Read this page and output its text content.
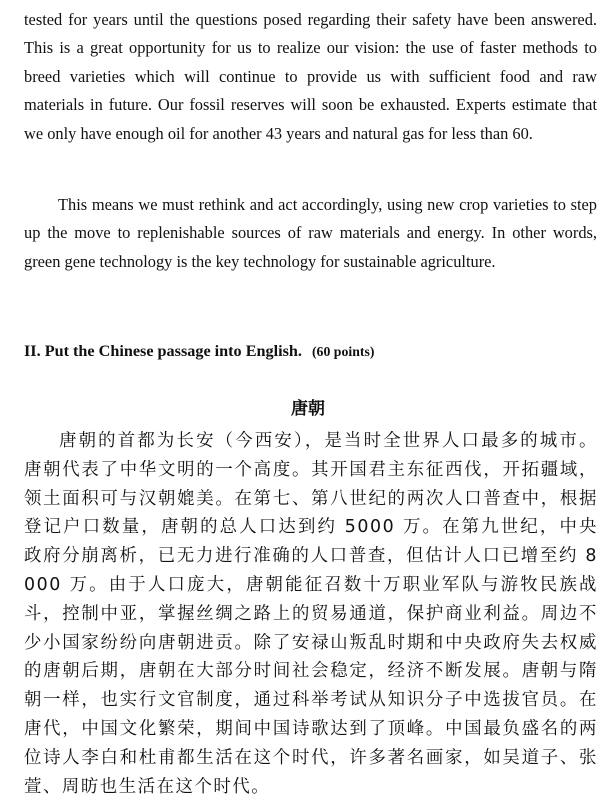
tested for years until the questions posed regarding their safety have been answered. This is a great opportunity for us to realize our vision: the use of faster methods to breed varieties which will continue to provide us with sufficient food and raw materials in future. Our fossil reserves will soon be exhausted. Experts estimate that we only have enough oil for another 43 years and natural gas for less than 60.

This means we must rethink and act accordingly, using new crop varieties to step up the move to replenishable sources of raw materials and energy. In other words, green gene technology is the key technology for sustainable agriculture.

II. Put the Chinese passage into English. (60 points)
唐朝

唐朝的首都为长安（今西安），是当时全世界人口最多的城市。唐朝代表了中华文明的一个高度。其开国君主东征西伐，开拓疆域，领土面积可与汉朝媲美。在第七、第八世纪的两次人口普查中，根据登记户口数量，唐朝的总人口达到约 5000 万。在第九世纪，中央政府分崩离析，已无力进行准确的人口普查，但估计人口已增至约 8000 万。由于人口庞大，唐朝能征召数十万职业军队与游牧民族战斗，控制中亚，掌握丝绸之路上的贸易通道，保护商业利益。周边不少小国家纷纷向唐朝进贡。除了安禄山叛乱时期和中央政府失去权威的唐朝后期，唐朝在大部分时间社会稳定，经济不断发展。唐朝与隋朝一样，也实行文官制度，通过科举考试从知识分子中选拔官员。在唐代，中国文化繁荣，期间中国诗歌达到了顶峰。中国最负盛名的两位诗人李白和杜甫都生活在这个时代，许多著名画家，如吴道子、张萱、周昉也生活在这个时代。
